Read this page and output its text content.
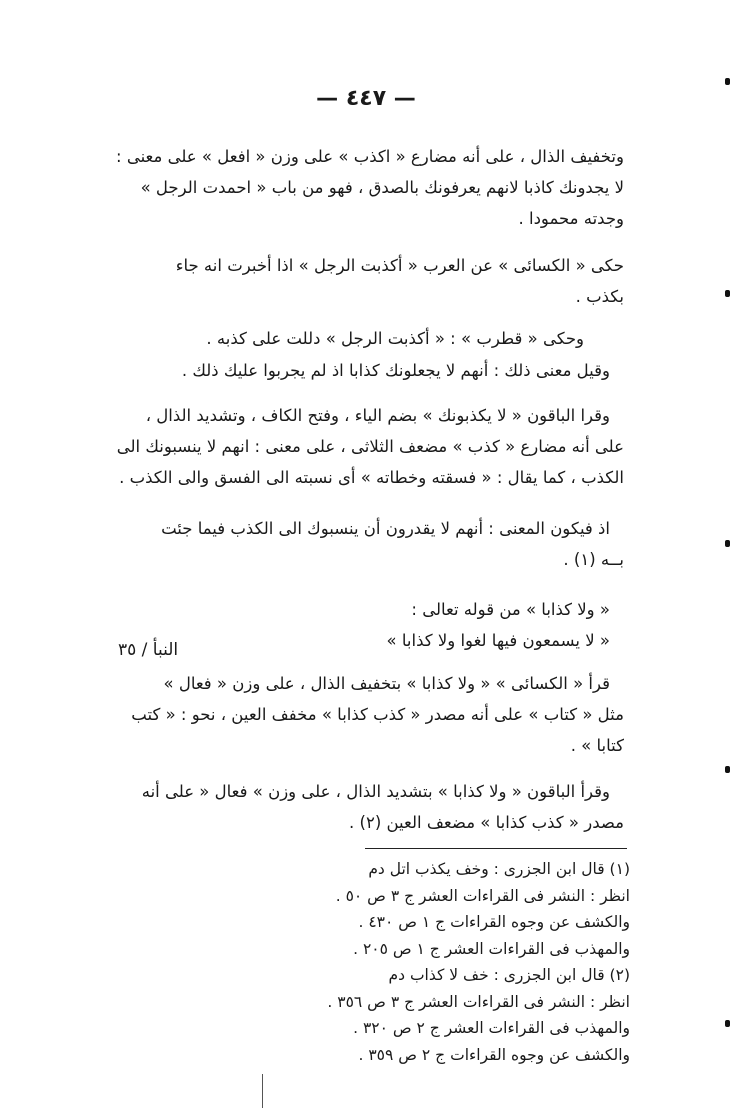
— ٤٤٧ —
وتخفيف الذال ، على أنه مضارع « اكذب » على وزن « افعل » على معنى :
لا يجدونك كاذبا لانهم يعرفونك بالصدق ، فهو من باب « احمدت الرجل »
وجدته محمودا .
حكى « الكسائى » عن العرب « أكذبت الرجل » اذا أخبرت انه جاء
بكذب .
وحكى « قطرب » : « أكذبت الرجل » دللت على كذبه .
وقيل معنى ذلك : أنهم لا يجعلونك كذابا اذ لم يجربوا عليك ذلك .
وقرا الباقون « لا يكذبونك » بضم الياء ، وفتح الكاف ، وتشديد الذال ،
على أنه مضارع « كذب » مضعف الثلاثى ، على معنى : انهم لا ينسبونك الى
الكذب ، كما يقال : « فسقته وخطاته » أى نسبته الى الفسق والى الكذب .
اذ فيكون المعنى : أنهم لا يقدرون أن ينسبوك الى الكذب فيما جئت
بــه (١) .
« ولا كذابا » من قوله تعالى :
« لا يسمعون فيها لغوا ولا كذابا »
النبأ / ٣٥
قرأ « الكسائى » « ولا كذابا » بتخفيف الذال ، على وزن « فعال »
مثل « كتاب » على أنه مصدر « كذب كذابا » مخفف العين ، نحو : « كتب
كتابا » .
وقرأ الباقون « ولا كذابا » بتشديد الذال ، على وزن » فعال « على أنه
مصدر « كذب كذابا » مضعف العين (٢) .
(١) قال ابن الجزرى : وخف يكذب اتل دم
انظر : النشر فى القراءات العشر ج ٣ ص ٥٠ .
والكشف عن وجوه القراءات ج ١ ص ٤٣٠ .
والمهذب فى القراءات العشر ج ١ ص ٢٠٥ .
(٢) قال ابن الجزرى : خف لا كذاب دم
انظر : النشر فى القراءات العشر ج ٣ ص ٣٥٦ .
والمهذب فى القراءات العشر ج ٢ ص ٣٢٠ .
والكشف عن وجوه القراءات ج ٢ ص ٣٥٩ .
